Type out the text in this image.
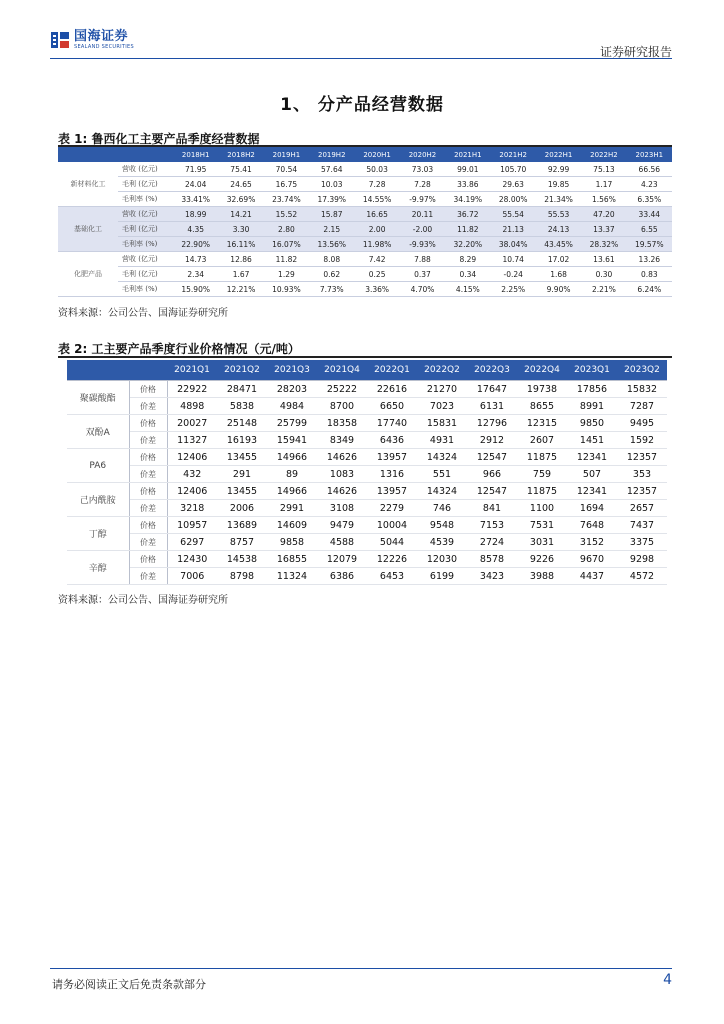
国海证券
SEALAND SECURITIES	证券研究报告
1、 分产品经营数据
表 1: 鲁西化工主要产品季度经营数据
		2018H1	2018H2	2019H1	2019H2	2020H1	2020H2	2021H1	2021H2	2022H1	2022H2	2023H1
新材料化工	营收 (亿元)	71.95	75.41	70.54	57.64	50.03	73.03	99.01	105.70	92.99	75.13	66.56
	毛利 (亿元)	24.04	24.65	16.75	10.03	7.28	7.28	33.86	29.63	19.85	1.17	4.23
	毛利率 (%)	33.41%	32.69%	23.74%	17.39%	14.55%	-9.97%	34.19%	28.00%	21.34%	1.56%	6.35%
基础化工	营收 (亿元)	18.99	14.21	15.52	15.87	16.65	20.11	36.72	55.54	55.53	47.20	33.44
	毛利 (亿元)	4.35	3.30	2.80	2.15	2.00	-2.00	11.82	21.13	24.13	13.37	6.55
	毛利率 (%)	22.90%	16.11%	16.07%	13.56%	11.98%	-9.93%	32.20%	38.04%	43.45%	28.32%	19.57%
化肥产品	营收 (亿元)	14.73	12.86	11.82	8.08	7.42	7.88	8.29	10.74	17.02	13.61	13.26
	毛利 (亿元)	2.34	1.67	1.29	0.62	0.25	0.37	0.34	-0.24	1.68	0.30	0.83
	毛利率 (%)	15.90%	12.21%	10.93%	7.73%	3.36%	4.70%	4.15%	2.25%	9.90%	2.21%	6.24%
资料来源：公司公告、国海证券研究所
表 2: 工主要产品季度行业价格情况（元/吨）
		2021Q1	2021Q2	2021Q3	2021Q4	2022Q1	2022Q2	2022Q3	2022Q4	2023Q1	2023Q2
聚碳酸酯	价格	22922	28471	28203	25222	22616	21270	17647	19738	17856	15832
	价差	4898	5838	4984	8700	6650	7023	6131	8655	8991	7287
双酚A	价格	20027	25148	25799	18358	17740	15831	12796	12315	9850	9495
	价差	11327	16193	15941	8349	6436	4931	2912	2607	1451	1592
PA6	价格	12406	13455	14966	14626	13957	14324	12547	11875	12341	12357
	价差	432	291	89	1083	1316	551	966	759	507	353
己内酰胺	价格	12406	13455	14966	14626	13957	14324	12547	11875	12341	12357
	价差	3218	2006	2991	3108	2279	746	841	1100	1694	2657
丁醇	价格	10957	13689	14609	9479	10004	9548	7153	7531	7648	7437
	价差	6297	8757	9858	4588	5044	4539	2724	3031	3152	3375
辛醇	价格	12430	14538	16855	12079	12226	12030	8578	9226	9670	9298
	价差	7006	8798	11324	6386	6453	6199	3423	3988	4437	4572
资料来源：公司公告、国海证券研究所
请务必阅读正文后免责条款部分	4
